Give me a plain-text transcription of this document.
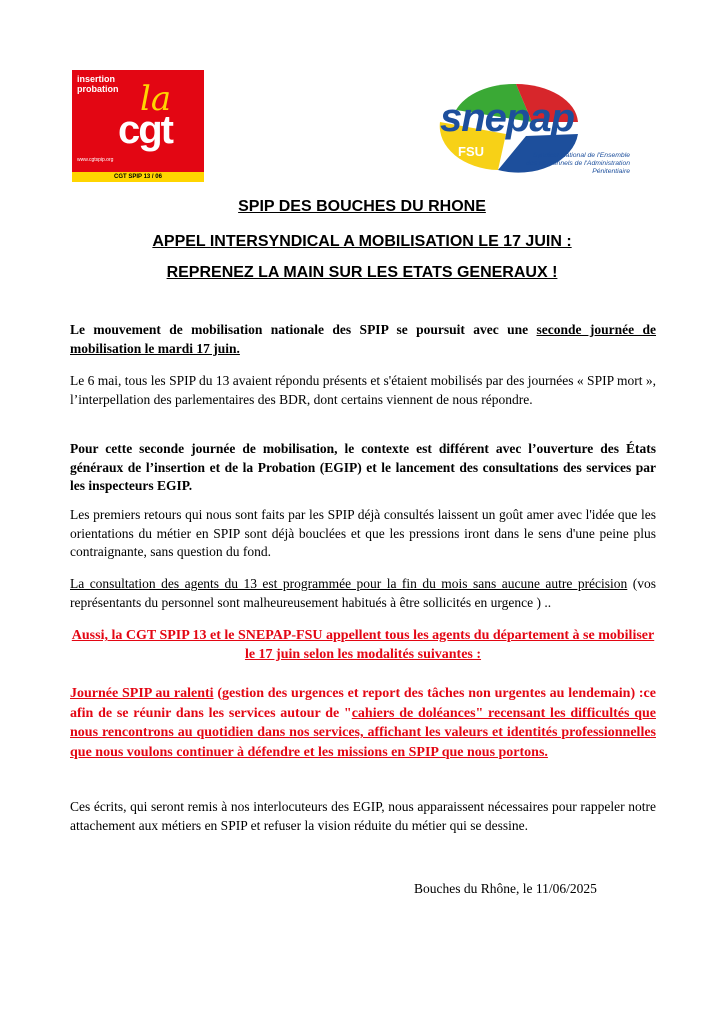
insertion
probation la
cgt
www.cgtspip.org
CGT SPIP 13 / 06
snepap
FSU	Syndicat National de l'Ensemble des Personnels de l'Administration Pénitentiaire
SPIP DES BOUCHES DU RHONE
APPEL INTERSYNDICAL A MOBILISATION LE 17 JUIN :
REPRENEZ LA MAIN SUR LES ETATS GENERAUX !
Le mouvement de mobilisation nationale des SPIP se poursuit avec une seconde journée de mobilisation le mardi 17 juin.
Le 6 mai, tous les SPIP du 13 avaient répondu présents et s'étaient mobilisés par des journées « SPIP mort », l’interpellation des parlementaires des BDR, dont certains viennent de nous répondre.
Pour cette seconde journée de mobilisation, le contexte est différent avec l’ouverture des États généraux de l’insertion et de la Probation (EGIP) et le lancement des consultations des services par les inspecteurs EGIP.
Les premiers retours qui nous sont faits par les SPIP déjà consultés laissent un goût amer avec l'idée que les orientations du métier en SPIP sont déjà bouclées et que les pressions iront dans le sens d'une peine plus contraignante, sans question du fond.
La consultation des agents du 13 est programmée pour la fin du mois sans aucune autre précision (vos représentants du personnel sont malheureusement habitués à être sollicités en urgence ) ..
Aussi, la CGT SPIP 13 et le SNEPAP-FSU appellent tous les agents du département à se mobiliser le 17 juin selon les modalités suivantes :
Journée SPIP au ralenti (gestion des urgences et report des tâches non urgentes au lendemain) :ce afin de se réunir dans les services autour de "cahiers de doléances" recensant les difficultés que nous rencontrons au quotidien dans nos services, affichant les valeurs et identités professionnelles que nous voulons continuer à défendre et les missions en SPIP que nous portons.
Ces écrits, qui seront remis à nos interlocuteurs des EGIP, nous apparaissent nécessaires pour rappeler notre attachement aux métiers en SPIP et refuser la vision réduite du métier qui se dessine.
Bouches du Rhône, le 11/06/2025
